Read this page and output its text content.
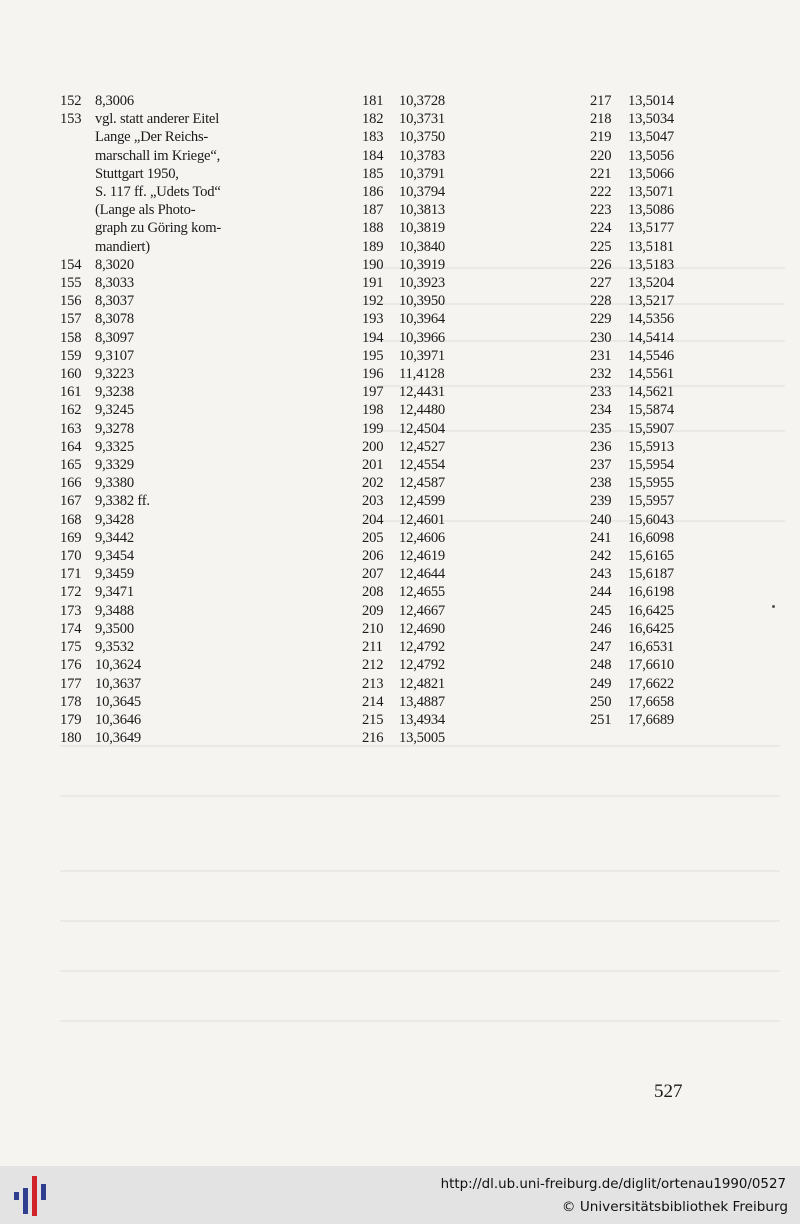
152 8,3006
153 vgl. statt anderer Eitel
Lange „Der Reichs-
marschall im Kriege“,
Stuttgart 1950,
S. 117 ff. „Udets Tod“
(Lange als Photo-
graph zu Göring kom-
mandiert)
154 8,3020
155 8,3033
156 8,3037
157 8,3078
158 8,3097
159 9,3107
160 9,3223
161 9,3238
162 9,3245
163 9,3278
164 9,3325
165 9,3329
166 9,3380
167 9,3382 ff.
168 9,3428
169 9,3442
170 9,3454
171 9,3459
172 9,3471
173 9,3488
174 9,3500
175 9,3532
176 10,3624
177 10,3637
178 10,3645
179 10,3646
180 10,3649
181	10,3728
182	10,3731
183	10,3750
184	10,3783
185	10,3791
186	10,3794
187	10,3813
188	10,3819
189	10,3840
190	10,3919
191	10,3923
192	10,3950
193	10,3964
194	10,3966
195	10,3971
196	11,4128
197	12,4431
198	12,4480
199	12,4504
200	12,4527
201	12,4554
202	12,4587
203	12,4599
204	12,4601
205	12,4606
206	12,4619
207	12,4644
208	12,4655
209	12,4667
210	12,4690
211	12,4792
212	12,4792
213	12,4821
214	13,4887
215	13,4934
216	13,5005
217	13,5014
218	13,5034
219	13,5047
220	13,5056
221	13,5066
222	13,5071
223	13,5086
224	13,5177
225	13,5181
226	13,5183
227	13,5204
228	13,5217
229	14,5356
230	14,5414
231	14,5546
232	14,5561
233	14,5621
234	15,5874
235	15,5907
236	15,5913
237	15,5954
238	15,5955
239	15,5957
240	15,6043
241	16,6098
242	15,6165
243	15,6187
244	16,6198
245	16,6425
246	16,6425
247	16,6531
248	17,6610
249	17,6622
250	17,6658
251	17,6689
527
http://dl.ub.uni-freiburg.de/diglit/ortenau1990/0527
© Universitätsbibliothek Freiburg
